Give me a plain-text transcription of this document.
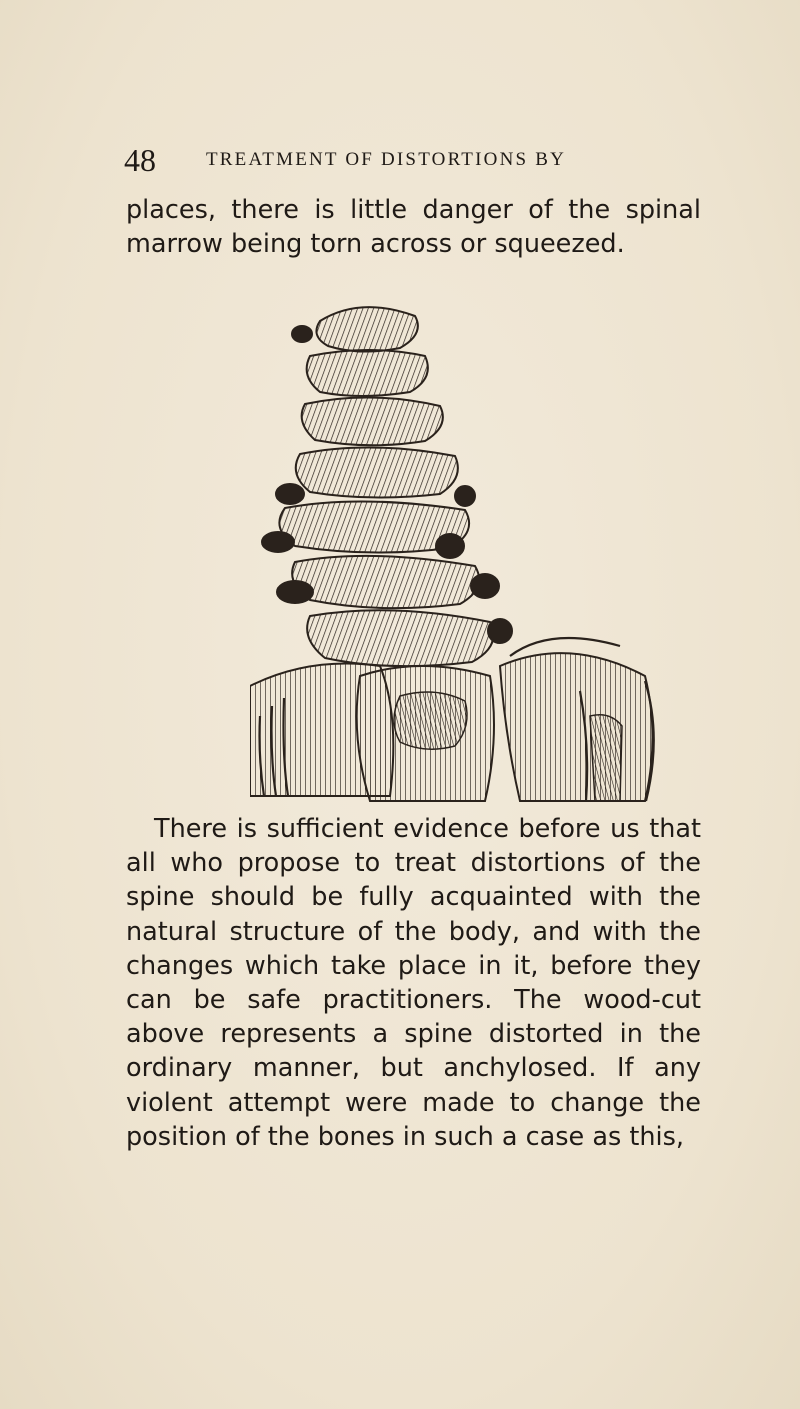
48	TREATMENT OF DISTORTIONS BY

places, there is little danger of the spinal marrow being torn across or squeezed.

There is sufficient evidence before us that all who propose to treat distortions of the spine should be fully acquainted with the natural structure of the body, and with the changes which take place in it, before they can be safe practitioners. The wood-cut above represents a spine distorted in the ordinary manner, but anchylosed. If any violent attempt were made to change the position of the bones in such a case as this,
